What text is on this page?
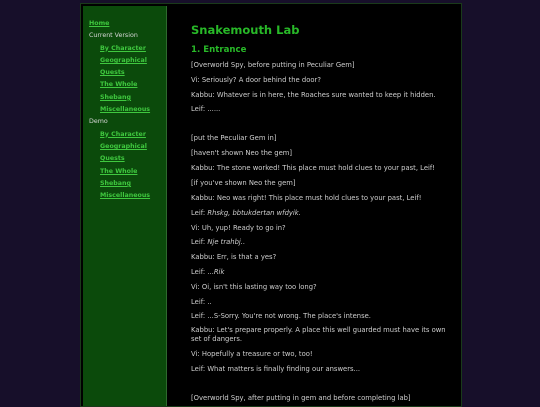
Home
Current Version
By Character
Geographical
Quests
The Whole Shebang
Miscellaneous
Demo
By Character
Geographical
Quests
The Whole Shebang
Miscellaneous
Snakemouth Lab
1. Entrance
[Overworld Spy, before putting in Peculiar Gem]
Vi: Seriously? A door behind the door?
Kabbu: Whatever is in here, the Roaches sure wanted to keep it hidden.
Leif: ......
[put the Peculiar Gem in]
[haven't shown Neo the gem]
Kabbu: The stone worked! This place must hold clues to your past, Leif!
[if you've shown Neo the gem]
Kabbu: Neo was right! This place must hold clues to your past, Leif!
Leif: Rhskg, bbtukdertan wfdyik.
Vi: Uh, yup! Ready to go in?
Leif: Nje trahbj..
Kabbu: Err, is that a yes?
Leif: ...Rik
Vi: Oi, isn't this lasting way too long?
Leif: ..
Leif: ...S-Sorry. You're not wrong. The place's intense.
Kabbu: Let's prepare properly. A place this well guarded must have its own set of dangers.
Vi: Hopefully a treasure or two, too!
Leif: What matters is finally finding our answers...
[Overworld Spy, after putting in gem and before completing lab]
